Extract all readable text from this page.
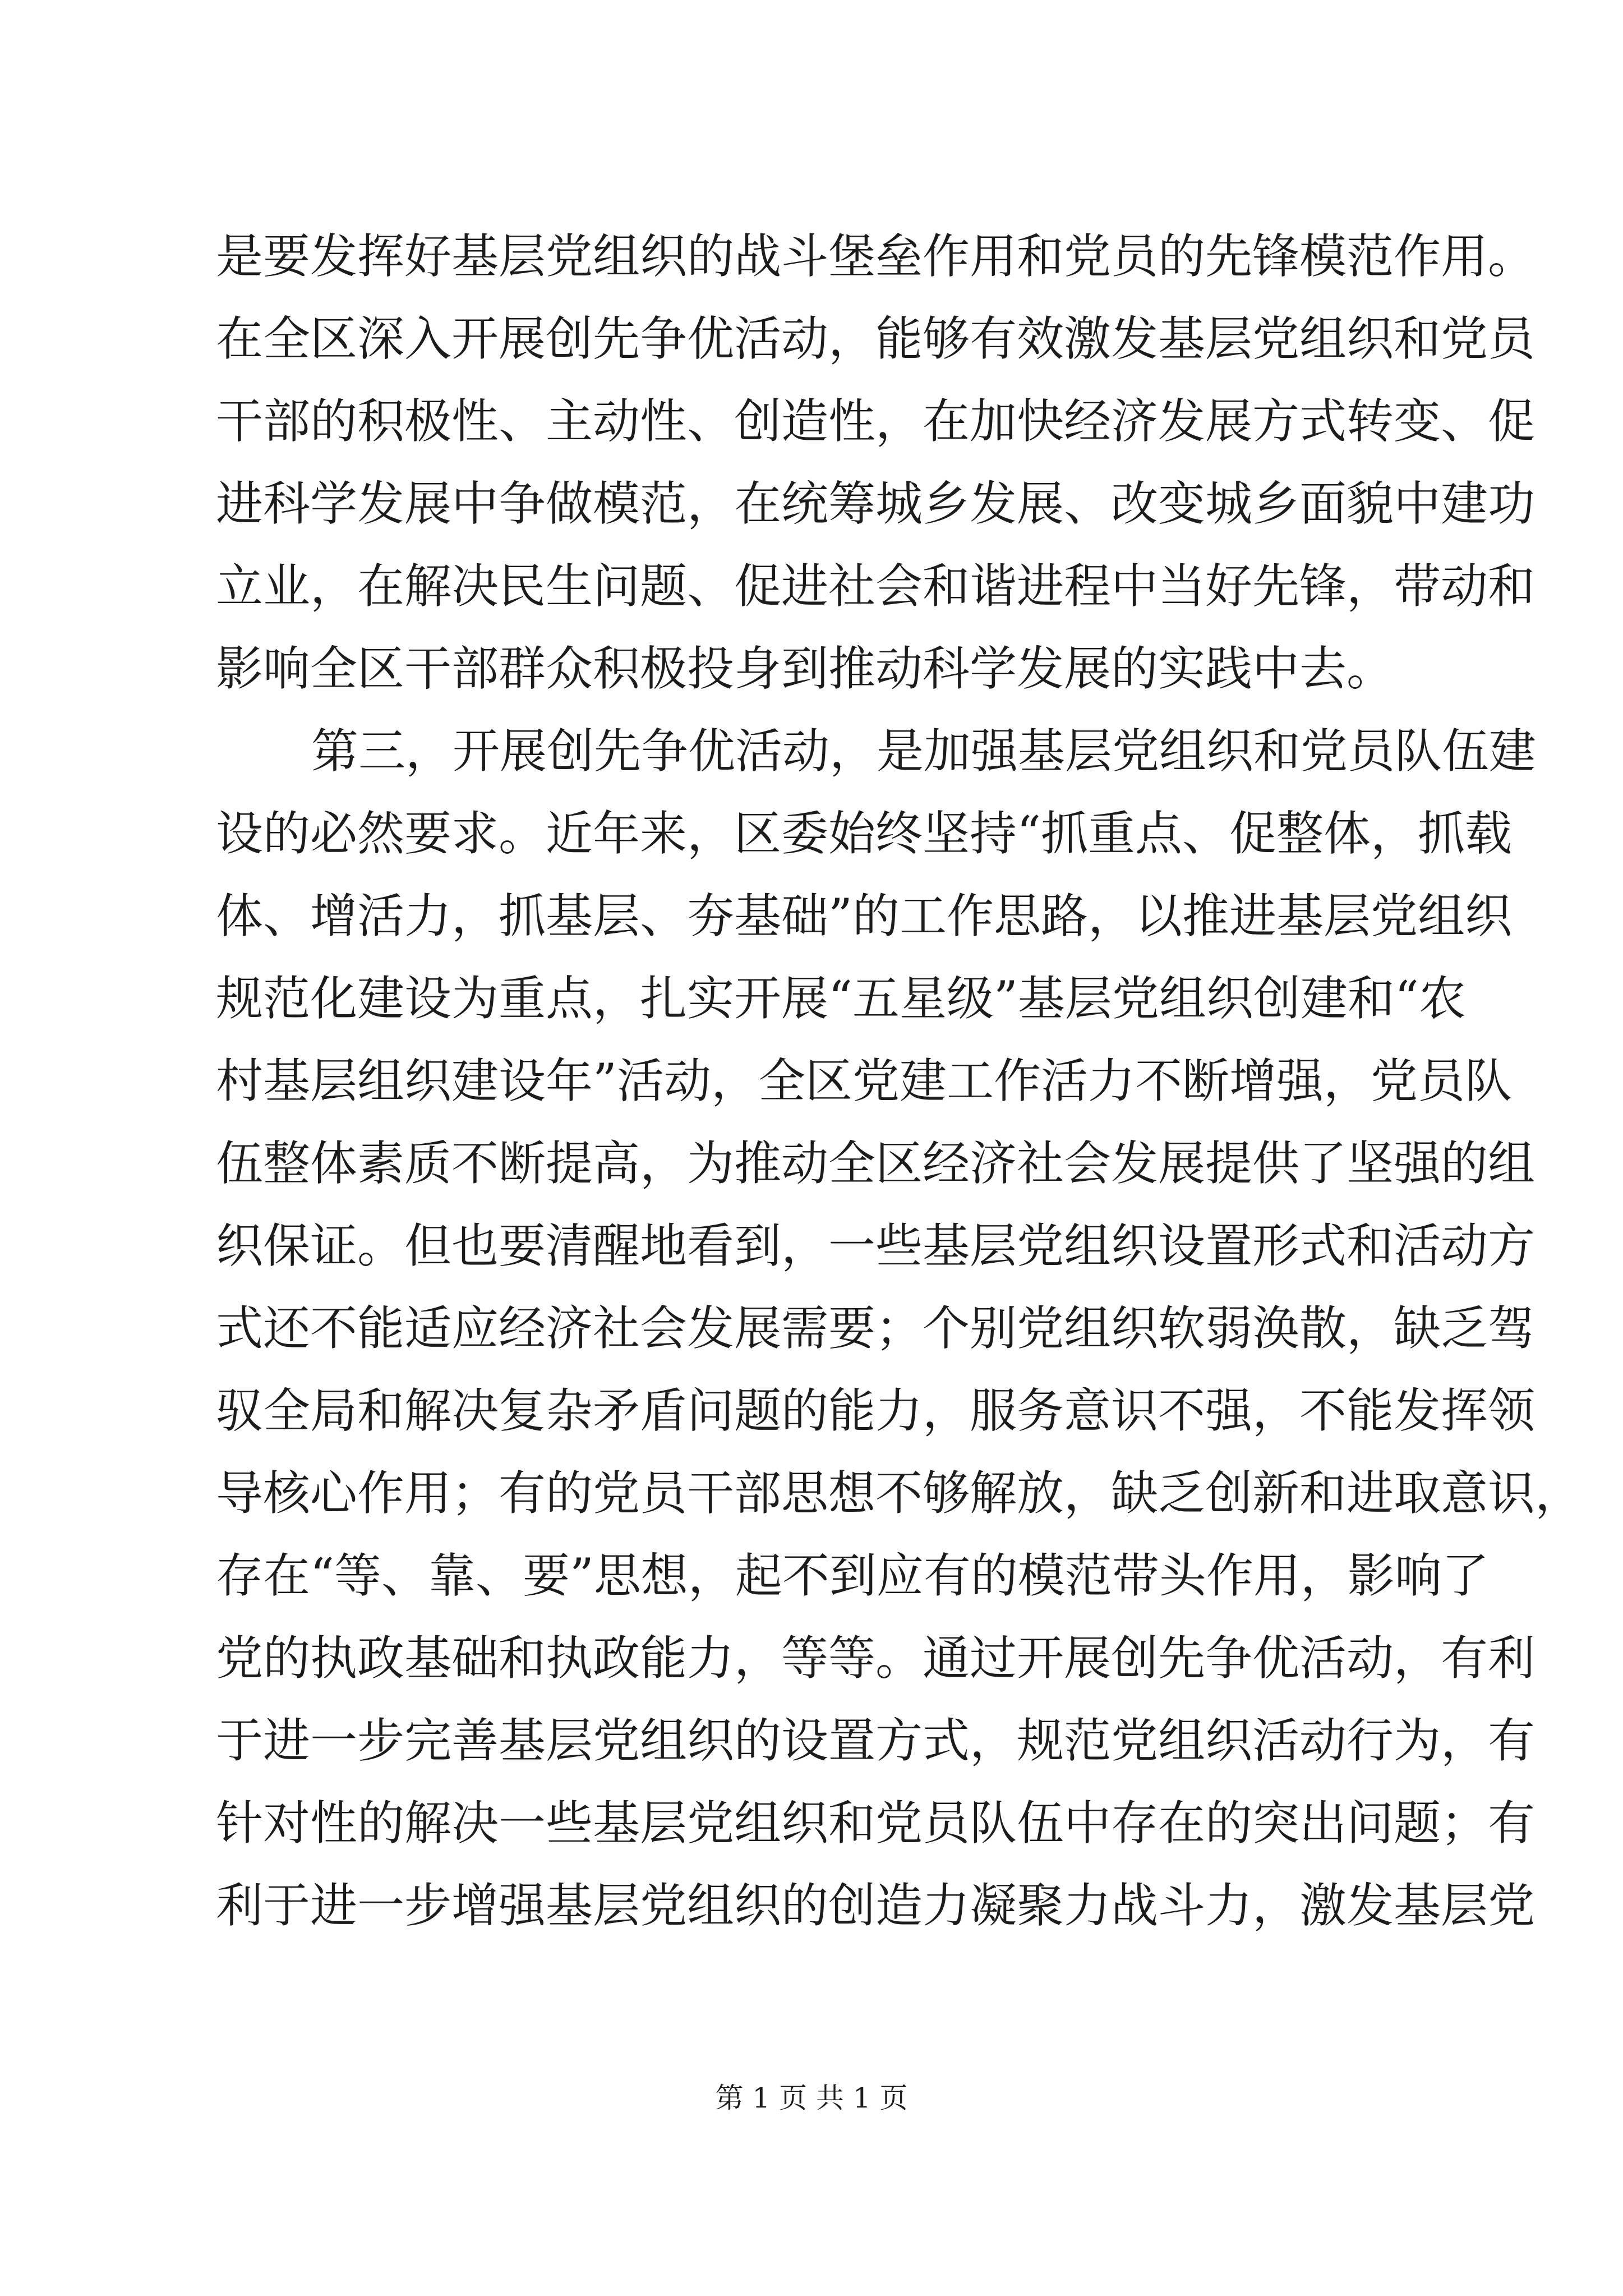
是要发挥好基层党组织的战斗堡垒作用和党员的先锋模范作用。
在全区深入开展创先争优活动，能够有效激发基层党组织和党员
干部的积极性、主动性、创造性，在加快经济发展方式转变、促
进科学发展中争做模范，在统筹城乡发展、改变城乡面貌中建功
立业，在解决民生问题、促进社会和谐进程中当好先锋，带动和
影响全区干部群众积极投身到推动科学发展的实践中去。
第三，开展创先争优活动，是加强基层党组织和党员队伍建
设的必然要求。近年来，区委始终坚持“抓重点、促整体，抓载
体、增活力，抓基层、夯基础”的工作思路，以推进基层党组织
规范化建设为重点，扎实开展“五星级”基层党组织创建和“农
村基层组织建设年”活动，全区党建工作活力不断增强，党员队
伍整体素质不断提高，为推动全区经济社会发展提供了坚强的组
织保证。但也要清醒地看到，一些基层党组织设置形式和活动方
式还不能适应经济社会发展需要；个别党组织软弱涣散，缺乏驾
驭全局和解决复杂矛盾问题的能力，服务意识不强，不能发挥领
导核心作用；有的党员干部思想不够解放，缺乏创新和进取意识，
存在“等、靠、要”思想，起不到应有的模范带头作用，影响了
党的执政基础和执政能力，等等。通过开展创先争优活动，有利
于进一步完善基层党组织的设置方式，规范党组织活动行为，有
针对性的解决一些基层党组织和党员队伍中存在的突出问题；有
利于进一步增强基层党组织的创造力凝聚力战斗力，激发基层党
第 1 页 共 1 页
